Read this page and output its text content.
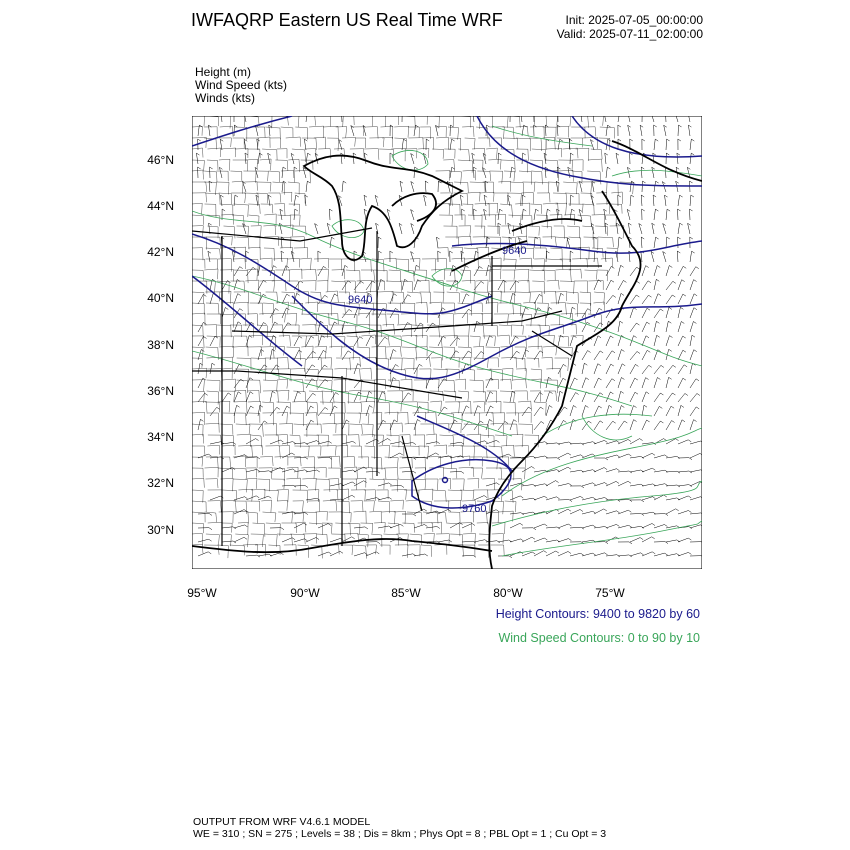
IWFAQRP Eastern US Real Time WRF	Init: 2025-07-05_00:00:00
Valid: 2025-07-11_02:00:00
Height (m)
Wind Speed (kts)
Winds (kts)
9640
9640
9760
46°N
44°N
42°N
40°N
38°N
36°N
34°N
32°N
30°N
95°W	90°W	85°W	80°W	75°W
Height Contours: 9400 to 9820 by 60
Wind Speed Contours: 0 to 90 by 10
OUTPUT FROM WRF V4.6.1 MODEL
WE = 310 ; SN = 275 ; Levels = 38 ; Dis = 8km ; Phys Opt = 8 ; PBL Opt = 1 ; Cu Opt = 3
